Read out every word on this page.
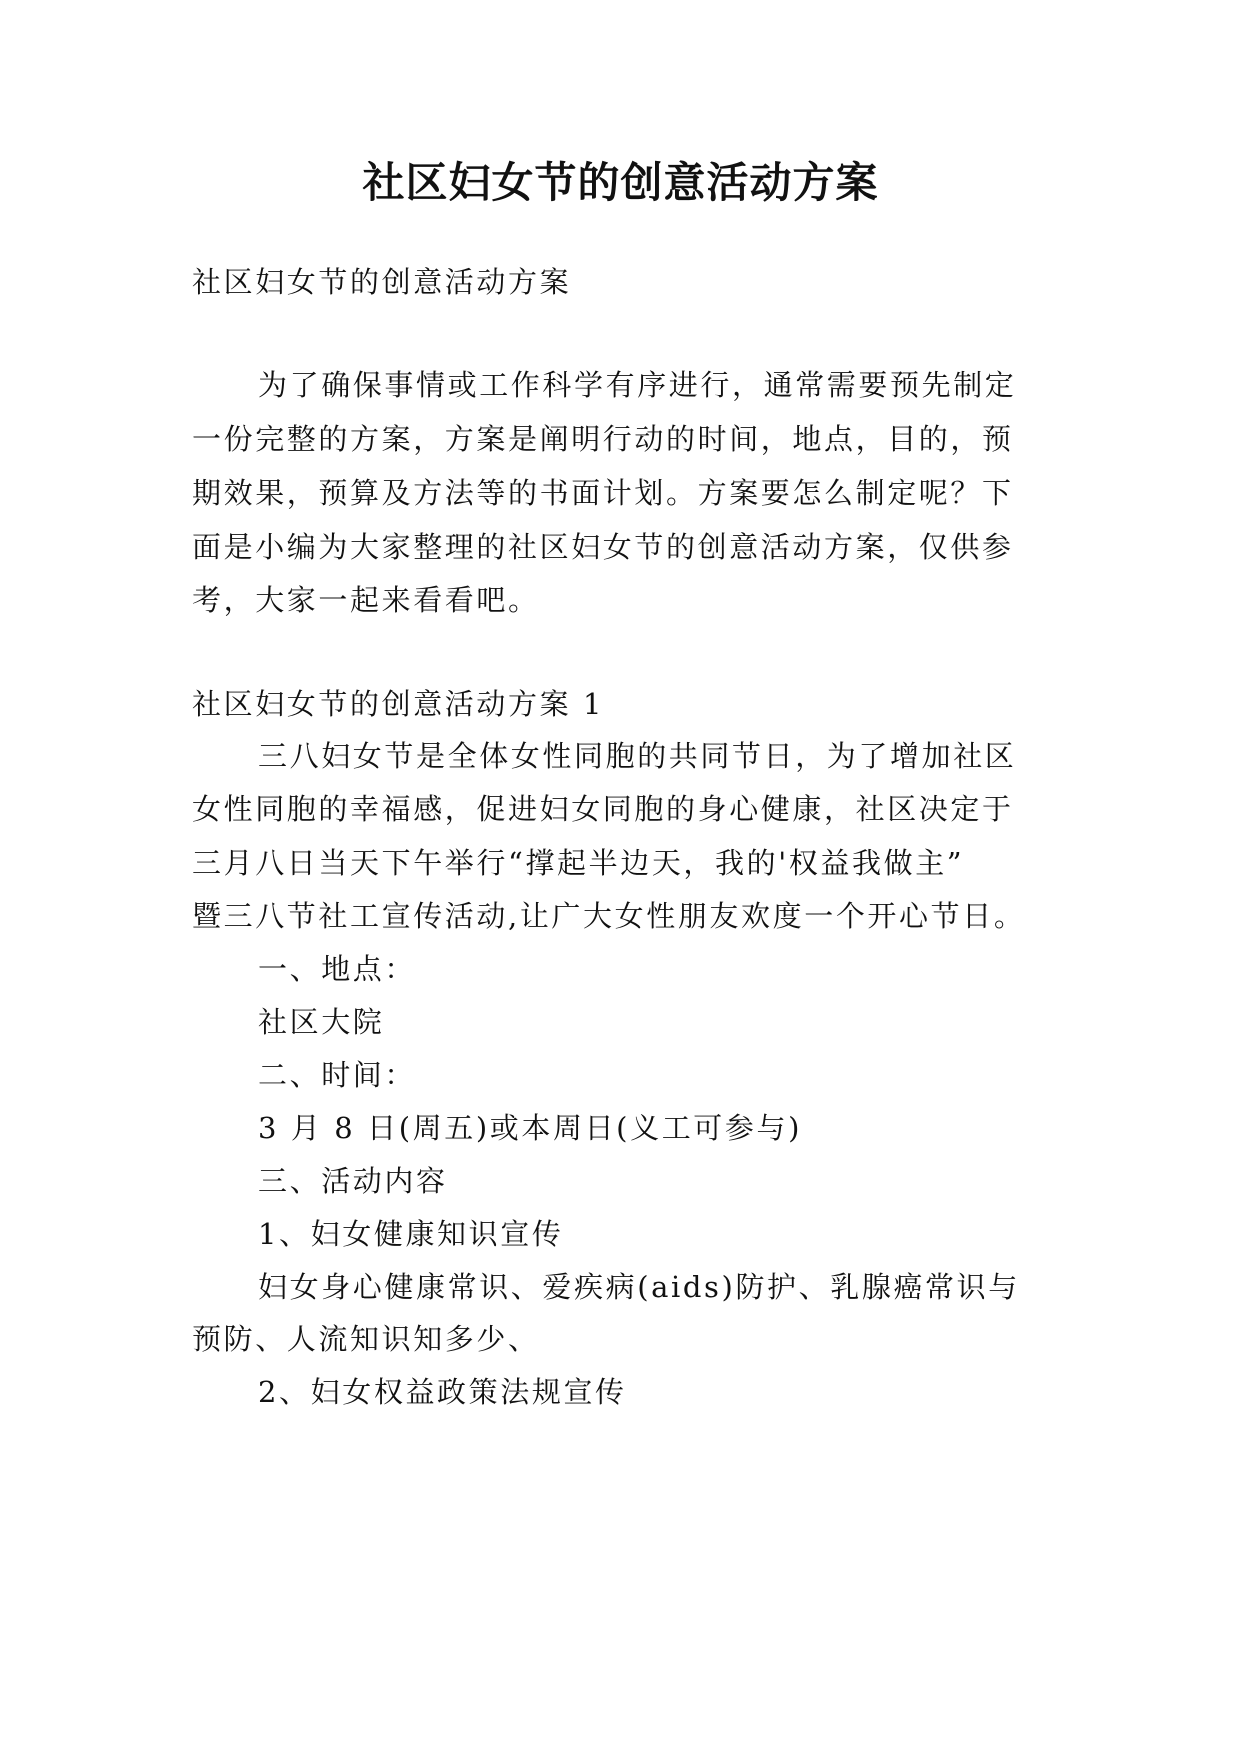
社区妇女节的创意活动方案
社区妇女节的创意活动方案
为了确保事情或工作科学有序进行，通常需要预先制定
一份完整的方案，方案是阐明行动的时间，地点，目的，预
期效果，预算及方法等的书面计划。方案要怎么制定呢？下
面是小编为大家整理的社区妇女节的创意活动方案，仅供参
考，大家一起来看看吧。
社区妇女节的创意活动方案 1
三八妇女节是全体女性同胞的共同节日，为了增加社区
女性同胞的幸福感，促进妇女同胞的身心健康，社区决定于
三月八日当天下午举行“撑起半边天，我的'权益我做主”
暨三八节社工宣传活动,让广大女性朋友欢度一个开心节日。
一、地点：
社区大院
二、时间：
3 月 8 日(周五)或本周日(义工可参与)
三、活动内容
1、妇女健康知识宣传
妇女身心健康常识、爱疾病(aids)防护、乳腺癌常识与
预防、人流知识知多少、
2、妇女权益政策法规宣传
